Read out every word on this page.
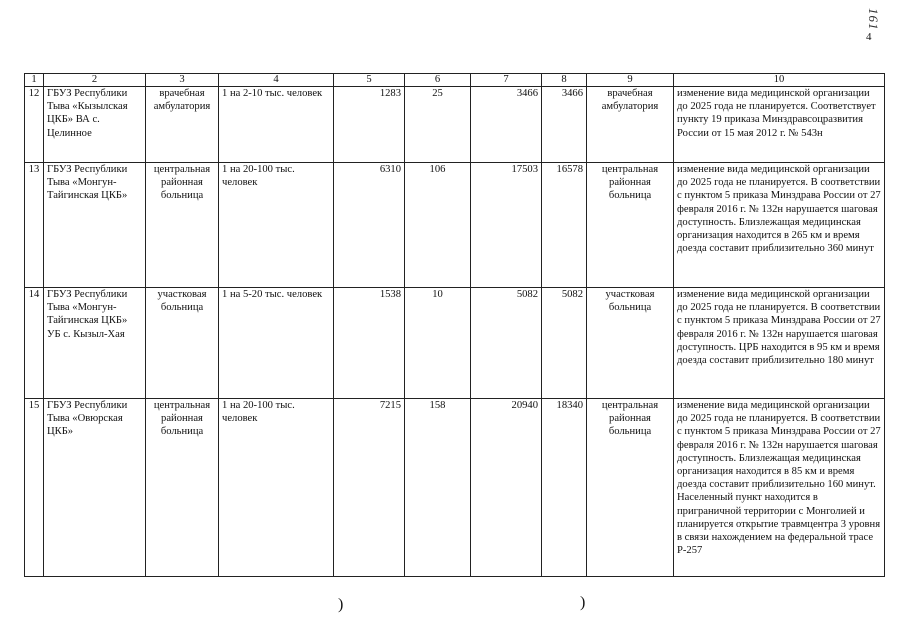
4
161
1	2	3	4	5	6	7	8	9	10
12	ГБУЗ Республики Тыва «Кызылская ЦКБ» ВА с. Целинное	врачебная амбулатория	1 на 2-10 тыс. человек	1283	25	3466	3466	врачебная амбулатория	изменение вида медицинской организации до 2025 года не планируется. Соответствует пункту 19 приказа Минздравсоцразвития России от 15 мая 2012 г. № 543н
13	ГБУЗ Республики Тыва «Монгун-Тайгинская ЦКБ»	центральная районная больница	1 на 20-100 тыс. человек	6310	106	17503	16578	центральная районная больница	изменение вида медицинской организации до 2025 года не планируется. В соответствии с пунктом 5 приказа Минздрава России от 27 февраля 2016 г. № 132н нарушается шаговая доступность. Близлежащая медицинская организация находится в 265 км и время доезда составит приблизительно 360 минут
14	ГБУЗ Республики Тыва «Монгун-Тайгинская ЦКБ» УБ с. Кызыл-Хая	участковая больница	1 на 5-20 тыс. человек	1538	10	5082	5082	участковая больница	изменение вида медицинской организации до 2025 года не планируется. В соответствии с пунктом 5 приказа Минздрава России от 27 февраля 2016 г. № 132н нарушается шаговая доступность. ЦРБ находится в 95 км и время доезда составит приблизительно 180 минут
15	ГБУЗ Республики Тыва «Овюрская ЦКБ»	центральная районная больница	1 на 20-100 тыс. человек	7215	158	20940	18340	центральная районная больница	изменение вида медицинской организации до 2025 года не планируется. В соответствии с пунктом 5 приказа Минздрава России от 27 февраля 2016 г. № 132н нарушается шаговая доступность. Близлежащая медицинская организация находится в 85 км и время доезда составит приблизительно 160 минут. Населенный пункт находится в приграничной территории с Монголией и планируется открытие травмцентра 3 уровня в связи нахождением на федеральной трасе Р-257
)	)
